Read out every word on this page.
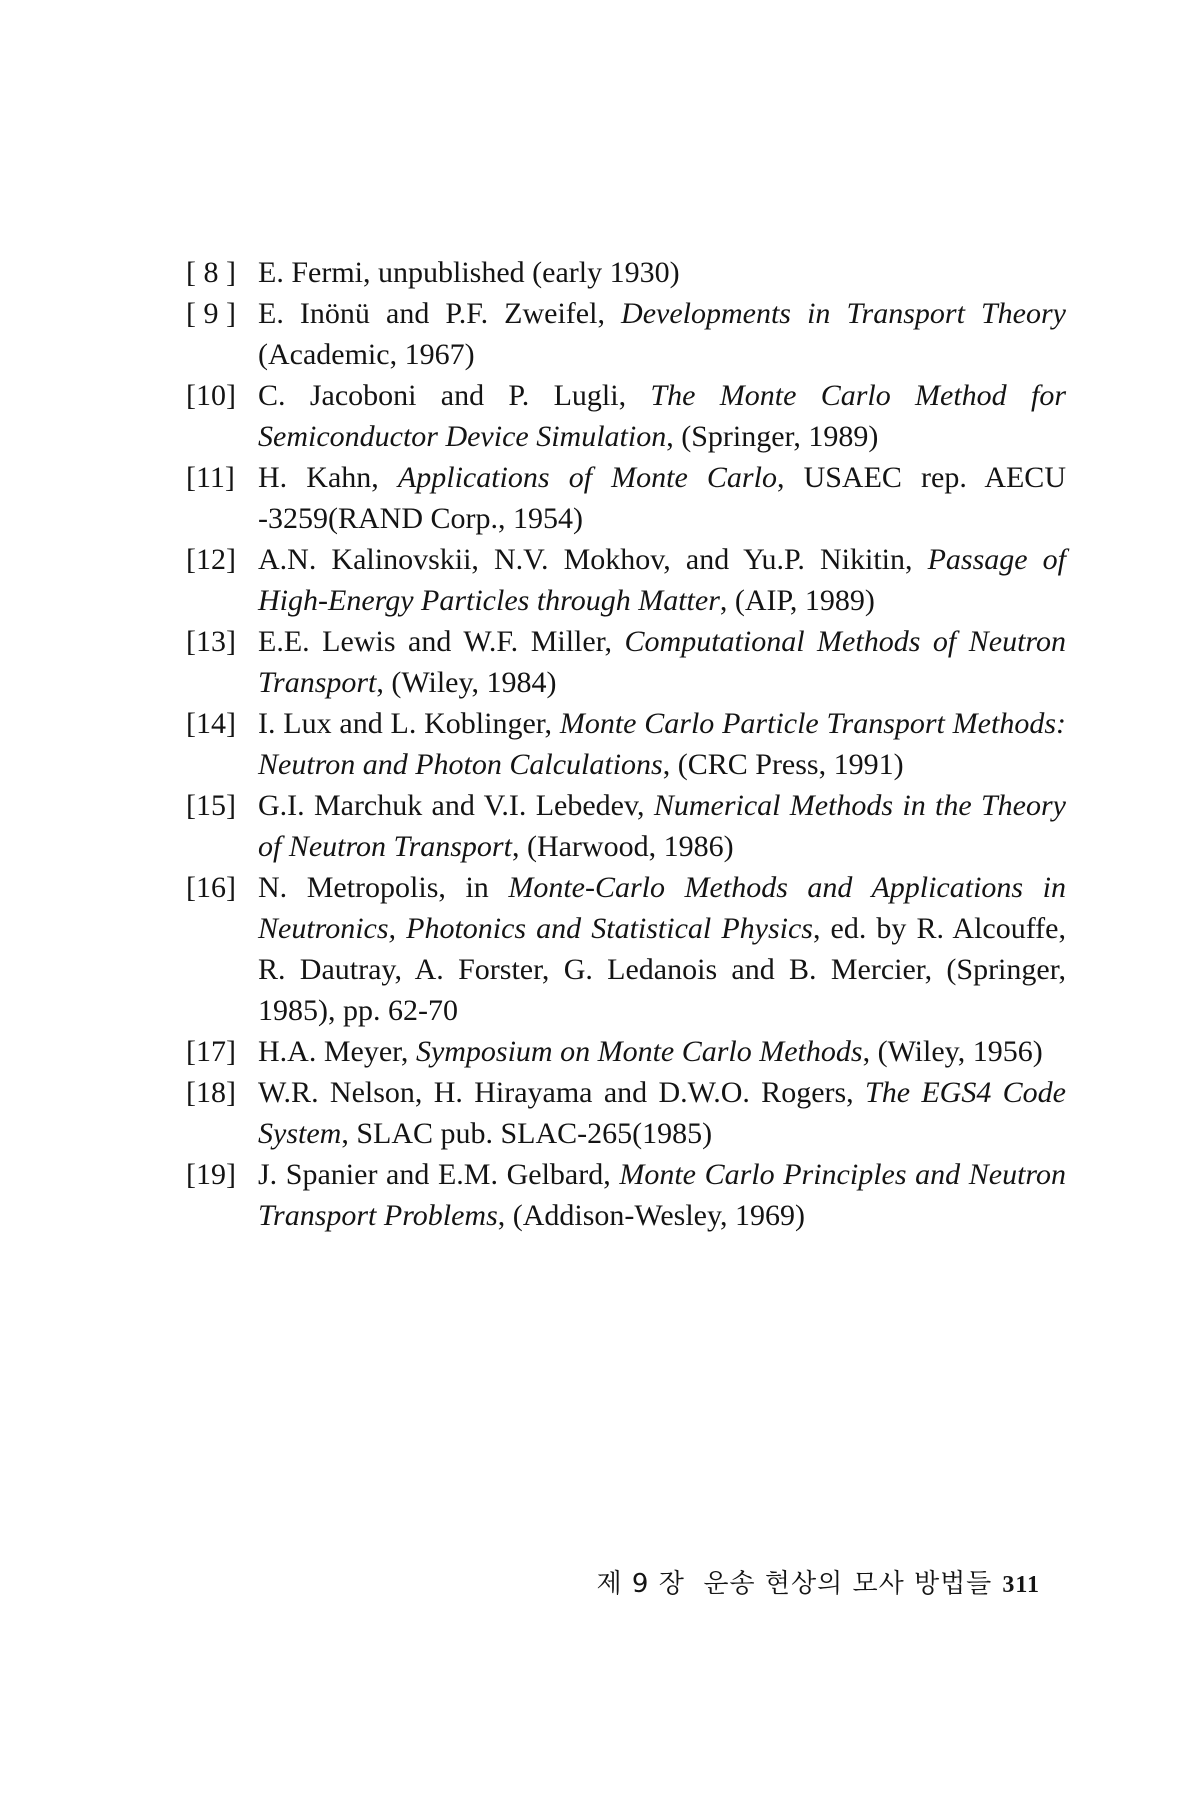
[ 8 ] E. Fermi, unpublished (early 1930)
[ 9 ] E. Inönü and P.F. Zweifel, Developments in Transport Theory (Academic, 1967)
[10] C. Jacoboni and P. Lugli, The Monte Carlo Method for Semiconductor Device Simulation, (Springer, 1989)
[11] H. Kahn, Applications of Monte Carlo, USAEC rep. AECU -3259(RAND Corp., 1954)
[12] A.N. Kalinovskii, N.V. Mokhov, and Yu.P. Nikitin, Passage of High-Energy Particles through Matter, (AIP, 1989)
[13] E.E. Lewis and W.F. Miller, Computational Methods of Neutron Transport, (Wiley, 1984)
[14] I. Lux and L. Koblinger, Monte Carlo Particle Transport Methods: Neutron and Photon Calculations, (CRC Press, 1991)
[15] G.I. Marchuk and V.I. Lebedev, Numerical Methods in the Theory of Neutron Transport, (Harwood, 1986)
[16] N. Metropolis, in Monte-Carlo Methods and Applications in Neutronics, Photonics and Statistical Physics, ed. by R. Alcouffe, R. Dautray, A. Forster, G. Ledanois and B. Mercier, (Springer, 1985), pp. 62-70
[17] H.A. Meyer, Symposium on Monte Carlo Methods, (Wiley, 1956)
[18] W.R. Nelson, H. Hirayama and D.W.O. Rogers, The EGS4 Code System, SLAC pub. SLAC-265(1985)
[19] J. Spanier and E.M. Gelbard, Monte Carlo Principles and Neutron Transport Problems, (Addison-Wesley, 1969)

제 9 장  운송 현상의 모사 방법들 311
